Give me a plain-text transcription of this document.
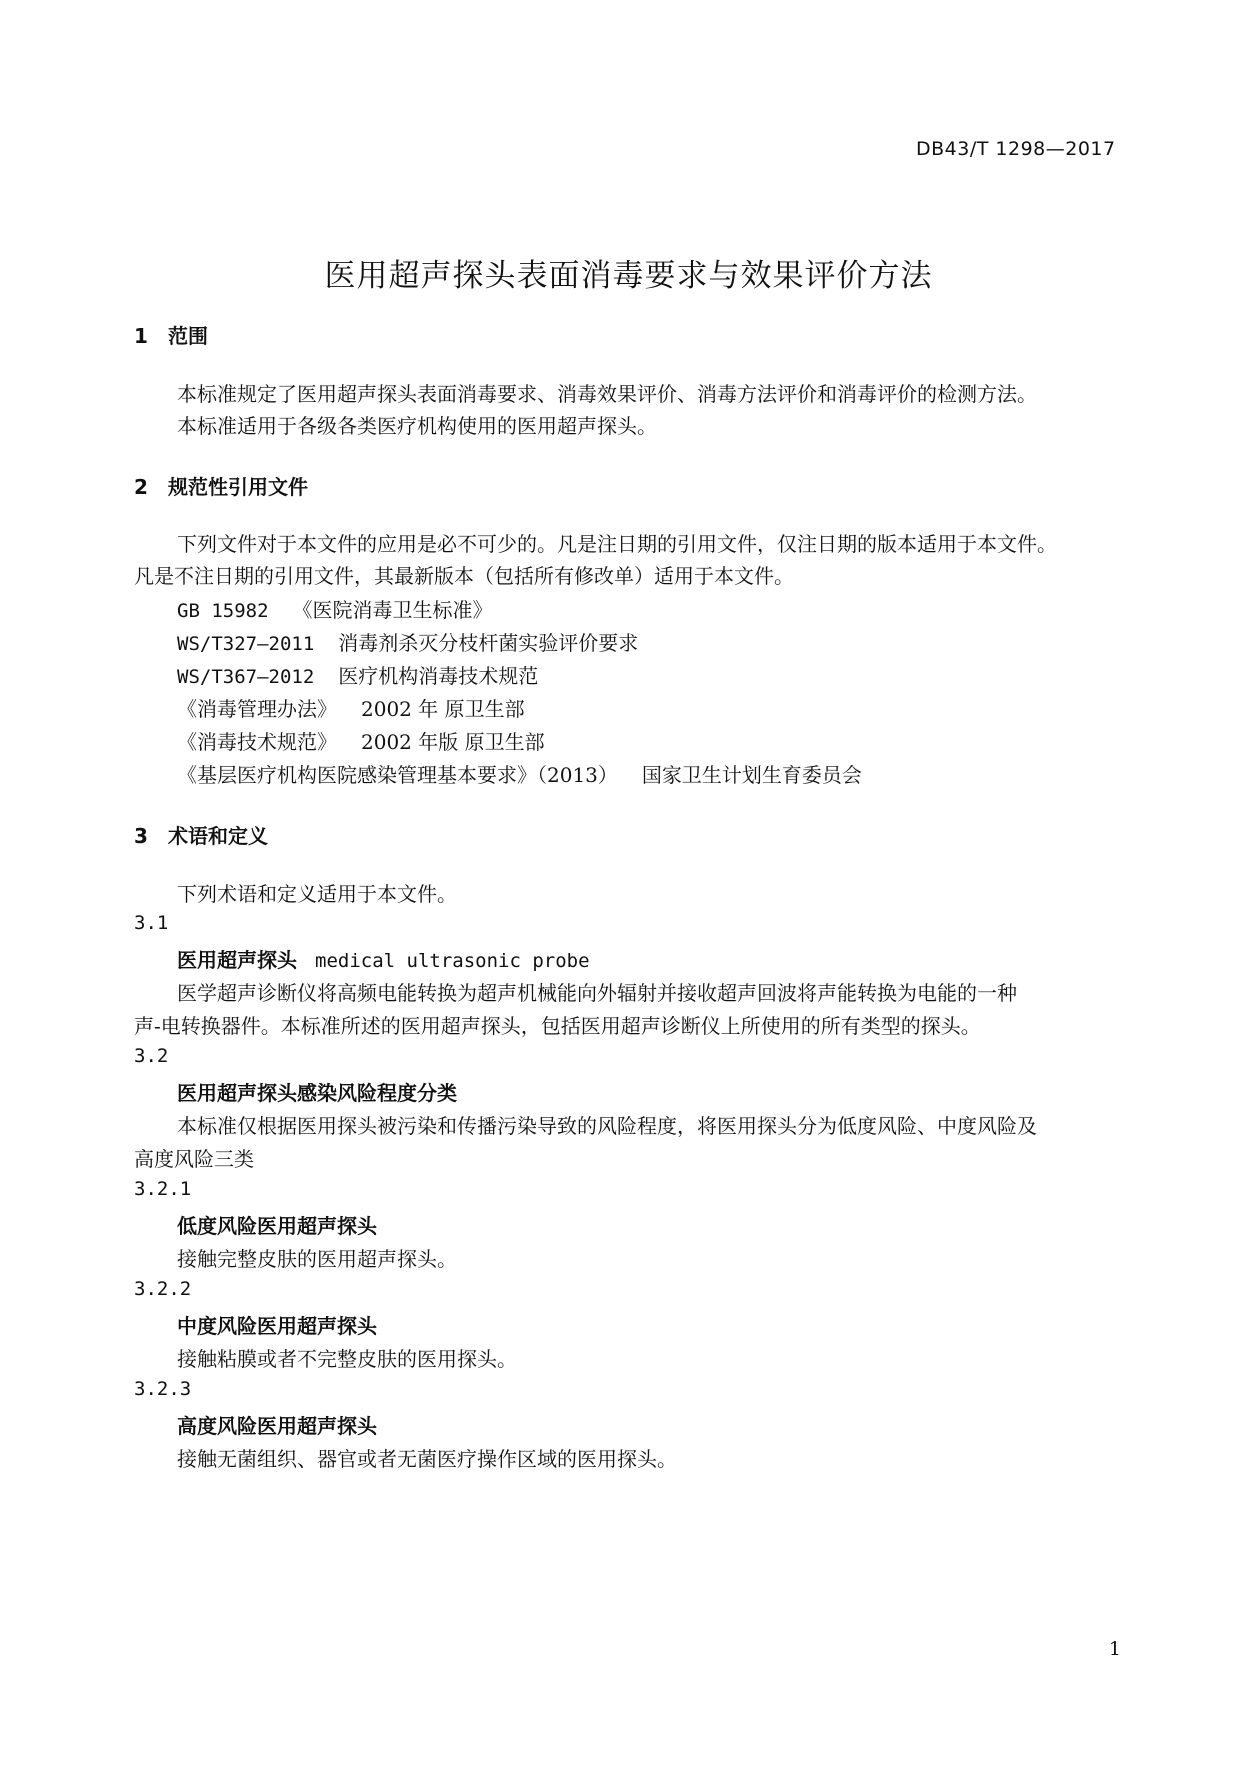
DB43/T 1298—2017
医用超声探头表面消毒要求与效果评价方法
1 范围
本标准规定了医用超声探头表面消毒要求、消毒效果评价、消毒方法评价和消毒评价的检测方法。
本标准适用于各级各类医疗机构使用的医用超声探头。
2 规范性引用文件
下列文件对于本文件的应用是必不可少的。凡是注日期的引用文件，仅注日期的版本适用于本文件。
凡是不注日期的引用文件，其最新版本（包括所有修改单）适用于本文件。
GB 15982 《医院消毒卫生标准》
WS/T327—2011 消毒剂杀灭分枝杆菌实验评价要求
WS/T367—2012 医疗机构消毒技术规范
《消毒管理办法》 2002 年 原卫生部
《消毒技术规范》 2002 年版 原卫生部
《基层医疗机构医院感染管理基本要求》（2013） 国家卫生计划生育委员会
3 术语和定义
下列术语和定义适用于本文件。
3.1
医用超声探头 medical ultrasonic probe
医学超声诊断仪将高频电能转换为超声机械能向外辐射并接收超声回波将声能转换为电能的一种
声-电转换器件。本标准所述的医用超声探头，包括医用超声诊断仪上所使用的所有类型的探头。
3.2
医用超声探头感染风险程度分类
本标准仅根据医用探头被污染和传播污染导致的风险程度，将医用探头分为低度风险、中度风险及
高度风险三类
3.2.1
低度风险医用超声探头
接触完整皮肤的医用超声探头。
3.2.2
中度风险医用超声探头
接触粘膜或者不完整皮肤的医用探头。
3.2.3
高度风险医用超声探头
接触无菌组织、器官或者无菌医疗操作区域的医用探头。
1
